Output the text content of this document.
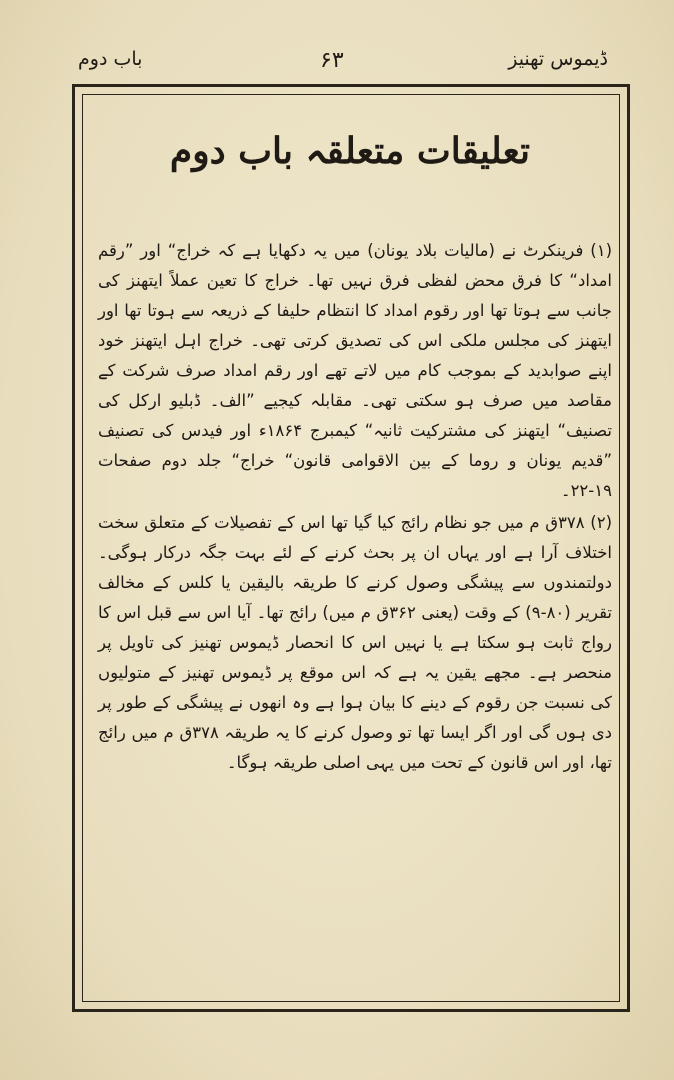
باب دوم	۶۳	ڈیموس تھنیز
تعلیقات متعلقہ باب دوم

(۱) فرینکرٹ نے (مالیات بلاد یونان) میں یہ دکھایا ہے کہ خراج“ اور ”رقم امداد“ کا فرق محض لفظی فرق نہیں تھا۔ خراج کا تعین عملاً ایتھنز کی جانب سے ہوتا تھا اور رقوم امداد کا انتظام حلیفا کے ذریعہ سے ہوتا تھا اور ایتھنز کی مجلس ملکی اس کی تصدیق کرتی تھی۔ خراج اہل ایتھنز خود اپنے صوابدید کے بموجب کام میں لاتے تھے اور رقم امداد صرف شرکت کے مقاصد میں صرف ہو سکتی تھی۔ مقابلہ کیجیے ”الف۔ ڈبلیو ارکل کی تصنیف“ ایتھنز کی مشترکیت ثانیہ“ کیمبرج ۱۸۶۴ء اور فیدس کی تصنیف ”قدیم یونان و روما کے بین الاقوامی قانون“ خراج“ جلد دوم صفحات ۱۹-۲۲۔

(۲) ۳۷۸ق م میں جو نظام رائج کیا گیا تھا اس کے تفصیلات کے متعلق سخت اختلاف آرا ہے اور یہاں ان پر بحث کرنے کے لئے بہت جگہ درکار ہوگی۔ دولتمندوں سے پیشگی وصول کرنے کا طریقہ بالیقین یا کلس کے مخالف تقریر (۸۰-۹) کے وقت (یعنی ۳۶۲ق م میں) رائج تھا۔ آیا اس سے قبل اس کا رواج ثابت ہو سکتا ہے یا نہیں اس کا انحصار ڈیموس تھنیز کی تاویل پر منحصر ہے۔ مجھے یقین یہ ہے کہ اس موقع پر ڈیموس تھنیز کے متولیوں کی نسبت جن رقوم کے دینے کا بیان ہوا ہے وہ انھوں نے پیشگی کے طور پر دی ہوں گی اور اگر ایسا تھا تو وصول کرنے کا یہ طریقہ ۳۷۸ق م میں رائج تھا، اور اس قانون کے تحت میں یہی اصلی طریقہ ہوگا۔
